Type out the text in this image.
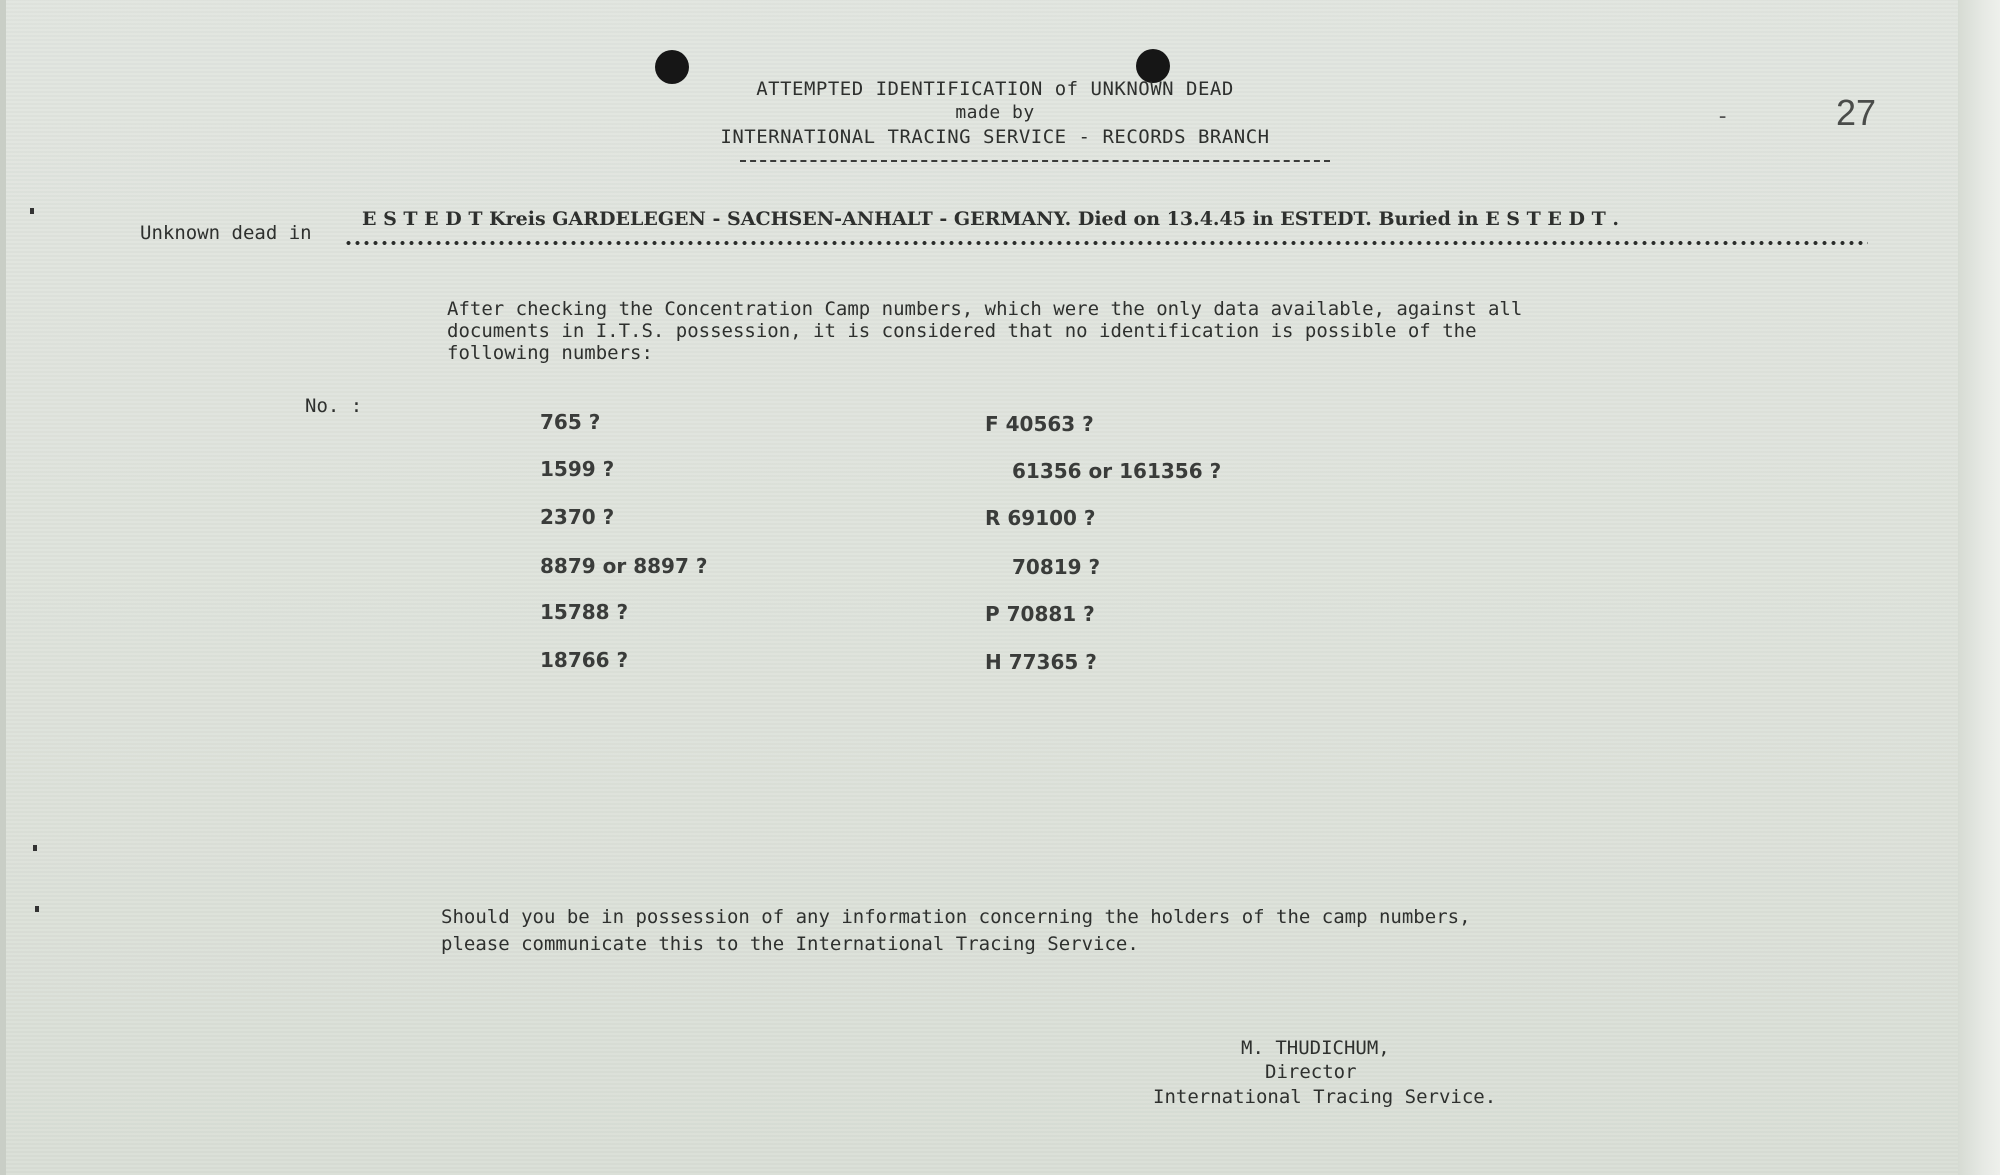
ATTEMPTED IDENTIFICATION of UNKNOWN DEAD
made by
INTERNATIONAL TRACING SERVICE - RECORDS BRANCH
27
-
Unknown dead in
E S T E D T Kreis GARDELEGEN - SACHSEN-ANHALT - GERMANY. Died on 13.4.45 in ESTEDT. Buried in E S T E D T .
After checking the Concentration Camp numbers, which were the only data available, against all
documents in I.T.S. possession, it is considered that no identification is possible of the
following numbers:
No. :
765 ?
1599 ?
2370 ?
8879 or 8897 ?
15788 ?
18766 ?
F 40563 ?
61356 or 161356 ?
R 69100 ?
70819 ?
P 70881 ?
H 77365 ?
Should you be in possession of any information concerning the holders of the camp numbers,
please communicate this to the International Tracing Service.
M. THUDICHUM,
Director
International Tracing Service.
